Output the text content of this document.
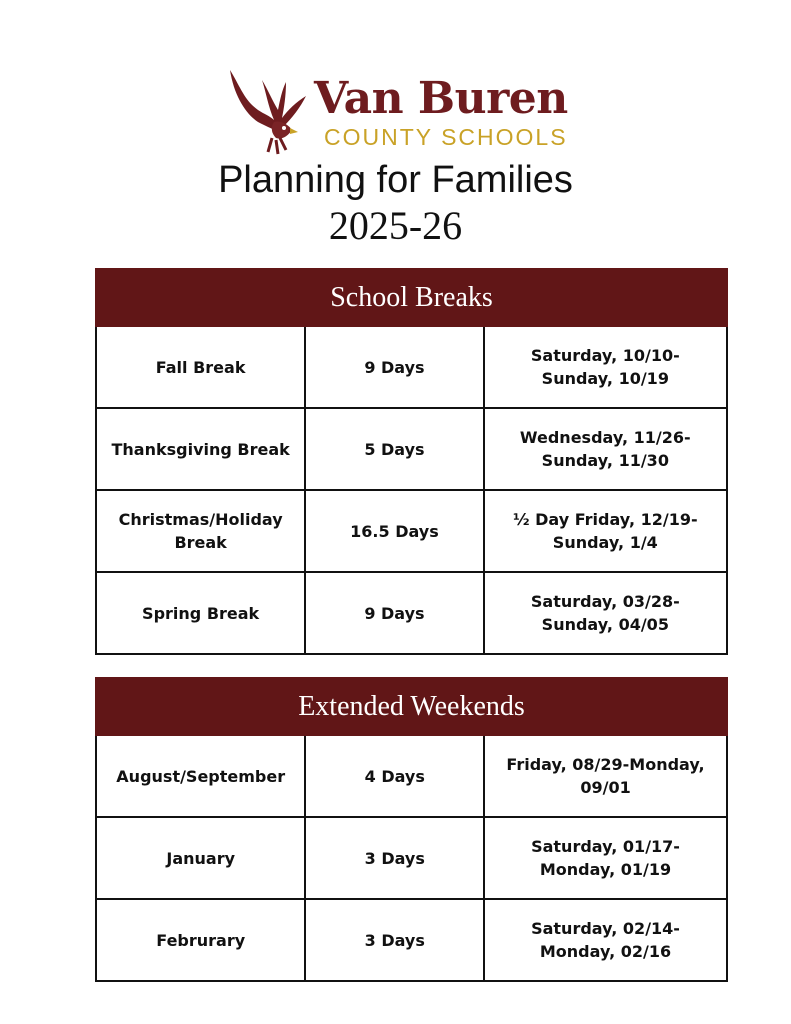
Van Buren
COUNTY SCHOOLS
Planning for Families
2025-26
School Breaks		
Fall Break	9 Days	Saturday, 10/10- Sunday, 10/19
Thanksgiving Break	5 Days	Wednesday, 11/26- Sunday, 11/30
Christmas/Holiday Break	16.5 Days	½ Day Friday, 12/19- Sunday, 1/4
Spring Break	9 Days	Saturday, 03/28- Sunday, 04/05
Extended Weekends		
August/September	4 Days	Friday, 08/29-Monday, 09/01
January	3 Days	Saturday, 01/17-Monday, 01/19
Februrary	3 Days	Saturday, 02/14- Monday, 02/16
